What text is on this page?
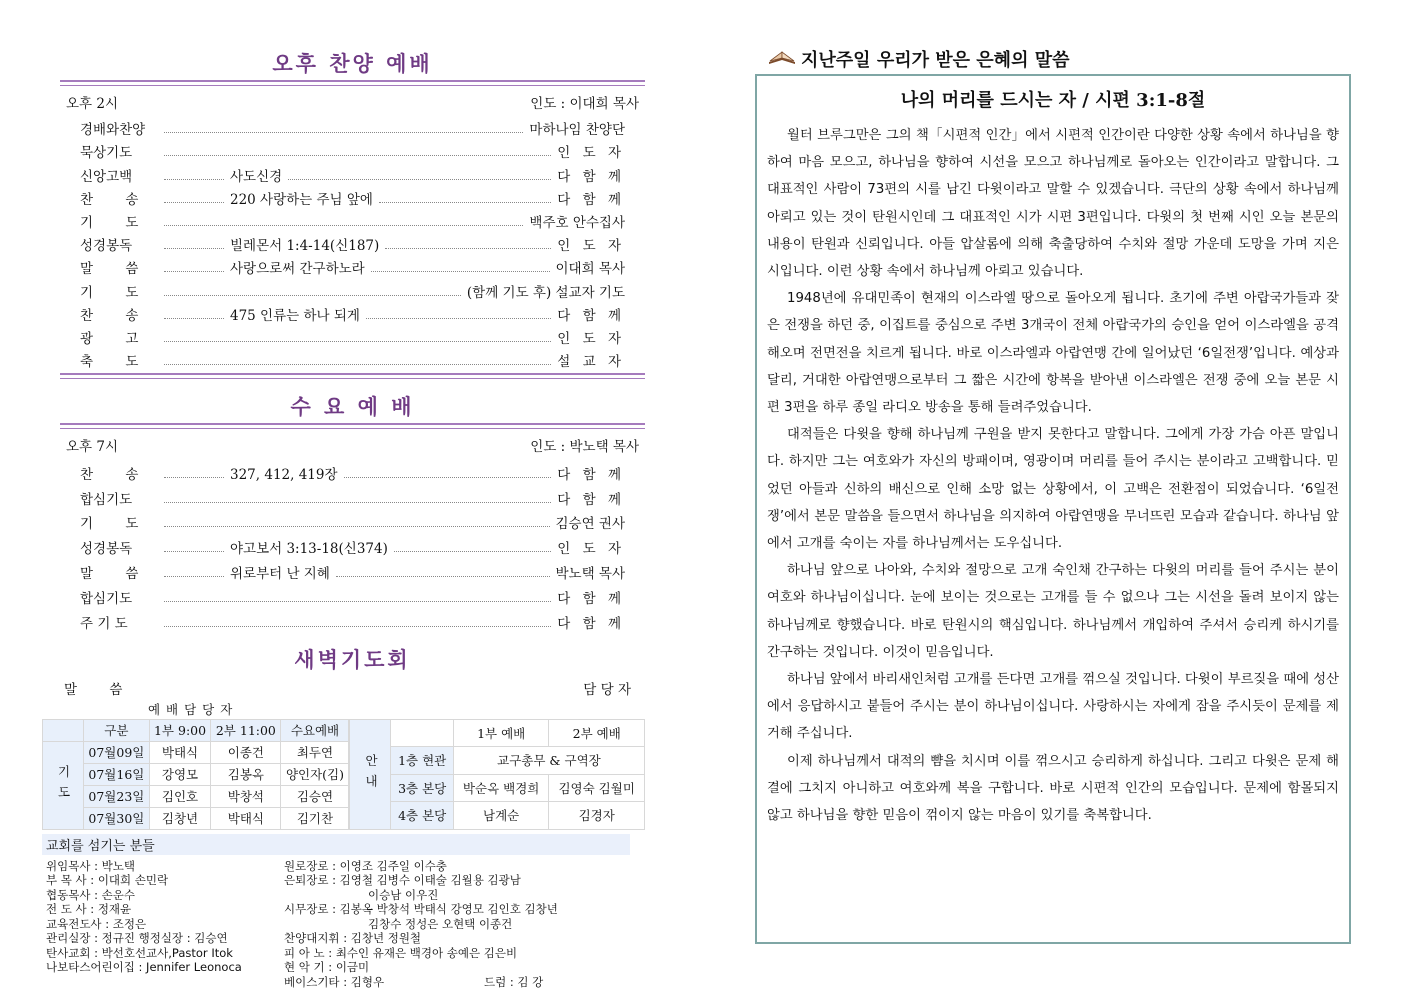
오후 찬양 예배
오후 2시	인도 : 이대희 목사
경배와찬양	마하나임 찬양단
묵상기도	인 도 자
신앙고백	사도신경	다 함 께
찬 송	220 사랑하는 주님 앞에	다 함 께
기 도	백주호 안수집사
성경봉독	빌레몬서 1:4-14(신187)	인 도 자
말 씀	사랑으로써 간구하노라	이대희 목사
기 도	(함께 기도 후) 설교자 기도
찬 송	475 인류는 하나 되게	다 함 께
광 고	인 도 자
축 도	설 교 자
수 요 예 배
오후 7시	인도 : 박노택 목사
찬 송	327, 412, 419장	다 함 께
합심기도	다 함 께
기 도	김승연 권사
성경봉독	야고보서 3:13-18(신374)	인 도 자
말 씀	위로부터 난 지혜	박노택 목사
합심기도	다 함 께
주 기 도	다 함 께
새벽기도회
말 씀	담 당 자
예 배 담 당 자
	구분	1부 9:00	2부 11:00	수요예배
기도	07월09일	박태식	이종건	최두연
	07월16일	강영모	김봉옥	양인자(김)
	07월23일	김인호	박창석	김승연
	07월30일	김창년	박태식	김기찬
안내		1부 예배	2부 예배
	1층 현관	교구총무 & 구역장	
	3층 본당	박순옥 백경희	김영숙 김월미
	4층 본당	남계순	김경자
교회를 섬기는 분들
위임목사 : 박노택
부 목 사 : 이대희 손민락
협동목사 : 손운수
전 도 사 : 정재윤
교육전도사 : 조정은
관리실장 : 정규진 행정실장 : 김승연
탄사교회 : 박선호선교사,Pastor Itok
나보타스어린이집 : Jennifer Leonoca
원로장로 : 이영조 김주일 이수충
은퇴장로 : 김영철 김병수 이태술 김월용 김광남
이승남 이우진
시무장로 : 김봉옥 박창석 박태식 강영모 김인호 김창년
김창수 정성은 오현택 이종건
찬양대지휘 : 김창년 정원철
피 아 노 : 최수인 유재은 백경아 송예은 김은비
현 악 기 : 이금미
베이스기타 : 김형우	드럼 : 김 강
지난주일 우리가 받은 은혜의 말씀
나의 머리를 드시는 자 / 시편 3:1-8절

월터 브루그만은 그의 책「시편적 인간」에서 시편적 인간이란 다양한 상황 속에서 하나님을 향하여 마음 모으고, 하나님을 향하여 시선을 모으고 하나님께로 돌아오는 인간이라고 말합니다. 그 대표적인 사람이 73편의 시를 남긴 다윗이라고 말할 수 있겠습니다. 극단의 상황 속에서 하나님께 아뢰고 있는 것이 탄원시인데 그 대표적인 시가 시편 3편입니다. 다윗의 첫 번째 시인 오늘 본문의 내용이 탄원과 신뢰입니다. 아들 압살롬에 의해 축출당하여 수치와 절망 가운데 도망을 가며 지은 시입니다. 이런 상황 속에서 하나님께 아뢰고 있습니다.

1948년에 유대민족이 현재의 이스라엘 땅으로 돌아오게 됩니다. 초기에 주변 아랍국가들과 잦은 전쟁을 하던 중, 이집트를 중심으로 주변 3개국이 전체 아랍국가의 승인을 얻어 이스라엘을 공격해오며 전면전을 치르게 됩니다. 바로 이스라엘과 아랍연맹 간에 일어났던 ‘6일전쟁’입니다. 예상과 달리, 거대한 아랍연맹으로부터 그 짧은 시간에 항복을 받아낸 이스라엘은 전쟁 중에 오늘 본문 시편 3편을 하루 종일 라디오 방송을 통해 들려주었습니다.

대적들은 다윗을 향해 하나님께 구원을 받지 못한다고 말합니다. 그에게 가장 가슴 아픈 말입니다. 하지만 그는 여호와가 자신의 방패이며, 영광이며 머리를 들어 주시는 분이라고 고백합니다. 믿었던 아들과 신하의 배신으로 인해 소망 없는 상황에서, 이 고백은 전환점이 되었습니다. ‘6일전쟁’에서 본문 말씀을 들으면서 하나님을 의지하여 아랍연맹을 무너뜨린 모습과 같습니다. 하나님 앞에서 고개를 숙이는 자를 하나님께서는 도우십니다.

하나님 앞으로 나아와, 수치와 절망으로 고개 숙인채 간구하는 다윗의 머리를 들어 주시는 분이 여호와 하나님이십니다. 눈에 보이는 것으로는 고개를 들 수 없으나 그는 시선을 돌려 보이지 않는 하나님께로 향했습니다. 바로 탄원시의 핵심입니다. 하나님께서 개입하여 주셔서 승리케 하시기를 간구하는 것입니다. 이것이 믿음입니다.

하나님 앞에서 바리새인처럼 고개를 든다면 고개를 꺾으실 것입니다. 다윗이 부르짖을 때에 성산에서 응답하시고 붙들어 주시는 분이 하나님이십니다. 사랑하시는 자에게 잠을 주시듯이 문제를 제거해 주십니다.

이제 하나님께서 대적의 뺨을 치시며 이를 꺾으시고 승리하게 하십니다. 그리고 다윗은 문제 해결에 그치지 아니하고 여호와께 복을 구합니다. 바로 시편적 인간의 모습입니다. 문제에 함몰되지 않고 하나님을 향한 믿음이 꺾이지 않는 마음이 있기를 축복합니다.
